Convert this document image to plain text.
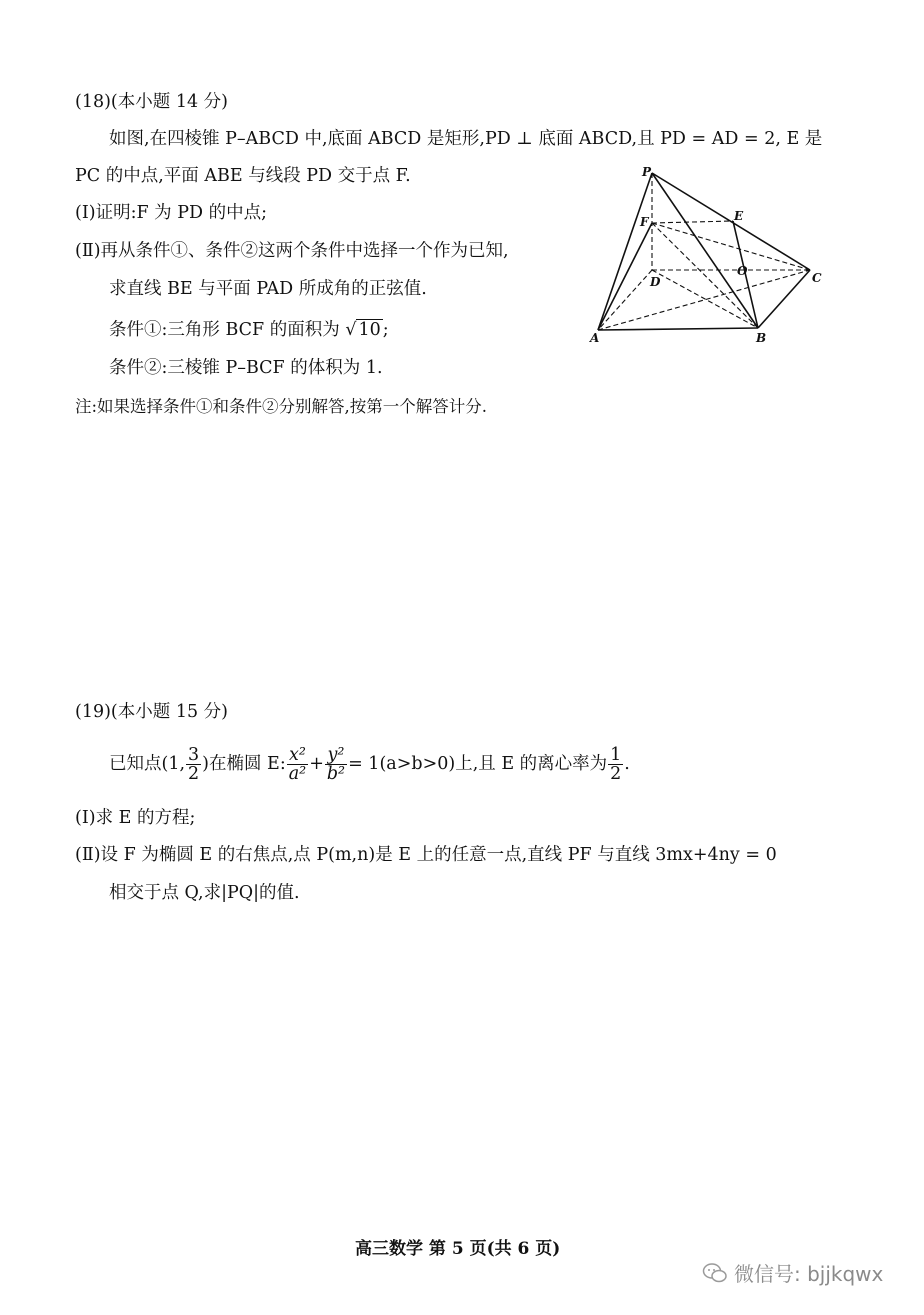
(18)(本小题 14 分)
如图,在四棱锥 P–ABCD 中,底面 ABCD 是矩形,PD ⊥ 底面 ABCD,且 PD = AD = 2, E 是
PC 的中点,平面 ABE 与线段 PD 交于点 F.
(Ⅰ)证明:F 为 PD 的中点;
(Ⅱ)再从条件①、条件②这两个条件中选择一个作为已知,
求直线 BE 与平面 PAD 所成角的正弦值.
条件①:三角形 BCF 的面积为 √ 10 ;
条件②:三棱锥 P–BCF 的体积为 1.
注:如果选择条件①和条件②分别解答,按第一个解答计分.
P
F	E
D
O	C
A	B
(19)(本小题 15 分)
已知点(1, $\frac{3}{2}$ )在椭圆 E: $\frac{\text{x²}}{\text{a²}} + \frac{\text{y²}}{\text{b²}} = 1(a>b>0)$上,且 E 的离心率为 $\frac{1}{2}$ .
(Ⅰ)求 E 的方程;
(Ⅱ)设 F 为椭圆 E 的右焦点,点 P(m,n)是 E 上的任意一点,直线 PF 与直线 3mx+4ny = 0
相交于点 Q,求|PQ|的值.
高三数学 第 5 页(共 6 页)
微信号: bjjkqwx
